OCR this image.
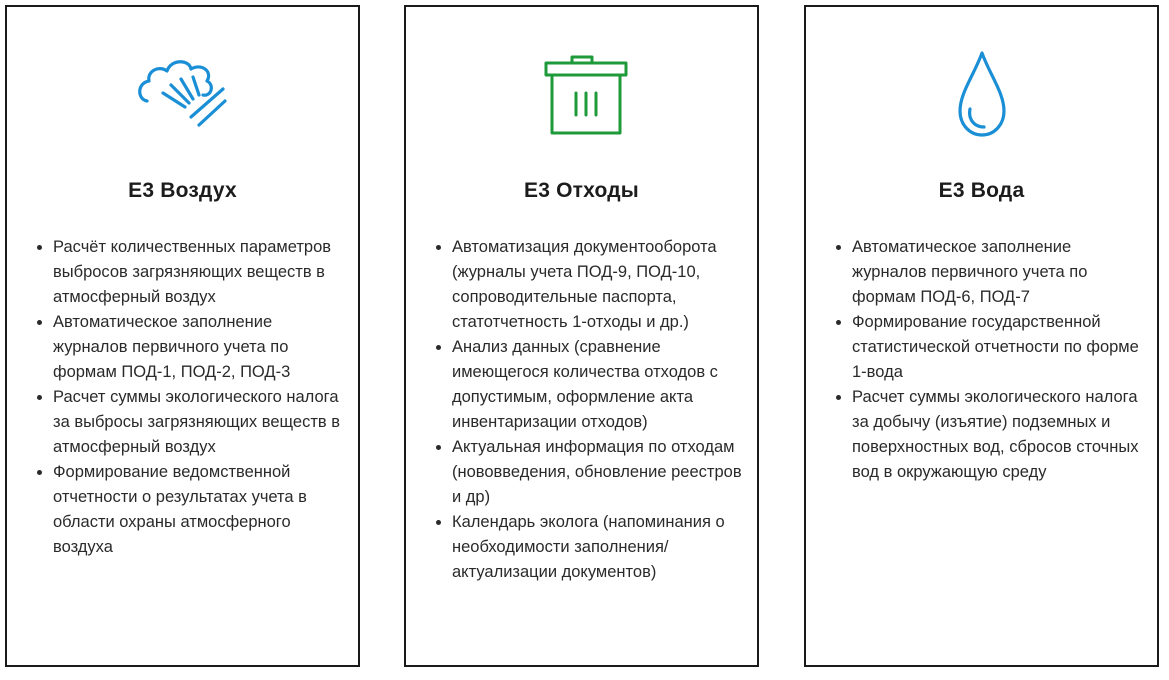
Е3 Воздух
• Расчёт количественных параметров выбросов загрязняющих веществ в атмосферный воздух
• Автоматическое заполнение журналов первичного учета по формам ПОД-1, ПОД-2, ПОД-3
• Расчет суммы экологического налога за выбросы загрязняющих веществ в атмосферный воздух
• Формирование ведомственной отчетности о результатах учета в области охраны атмосферного воздуха
Е3 Отходы
• Автоматизация документооборота (журналы учета ПОД-9, ПОД-10, сопроводительные паспорта, статотчетность 1-отходы и др.)
• Анализ данных (сравнение имеющегося количества отходов с допустимым, оформление акта инвентаризации отходов)
• Актуальная информация по отходам (нововведения, обновление реестров и др)
• Календарь эколога (напоминания о необходимости заполнения/ актуализации документов)
Е3 Вода
• Автоматическое заполнение журналов первичного учета по формам ПОД-6, ПОД-7
• Формирование государственной статистической отчетности по форме 1-вода
• Расчет суммы экологического налога за добычу (изъятие) подземных и поверхностных вод, сбросов сточных вод в окружающую среду
